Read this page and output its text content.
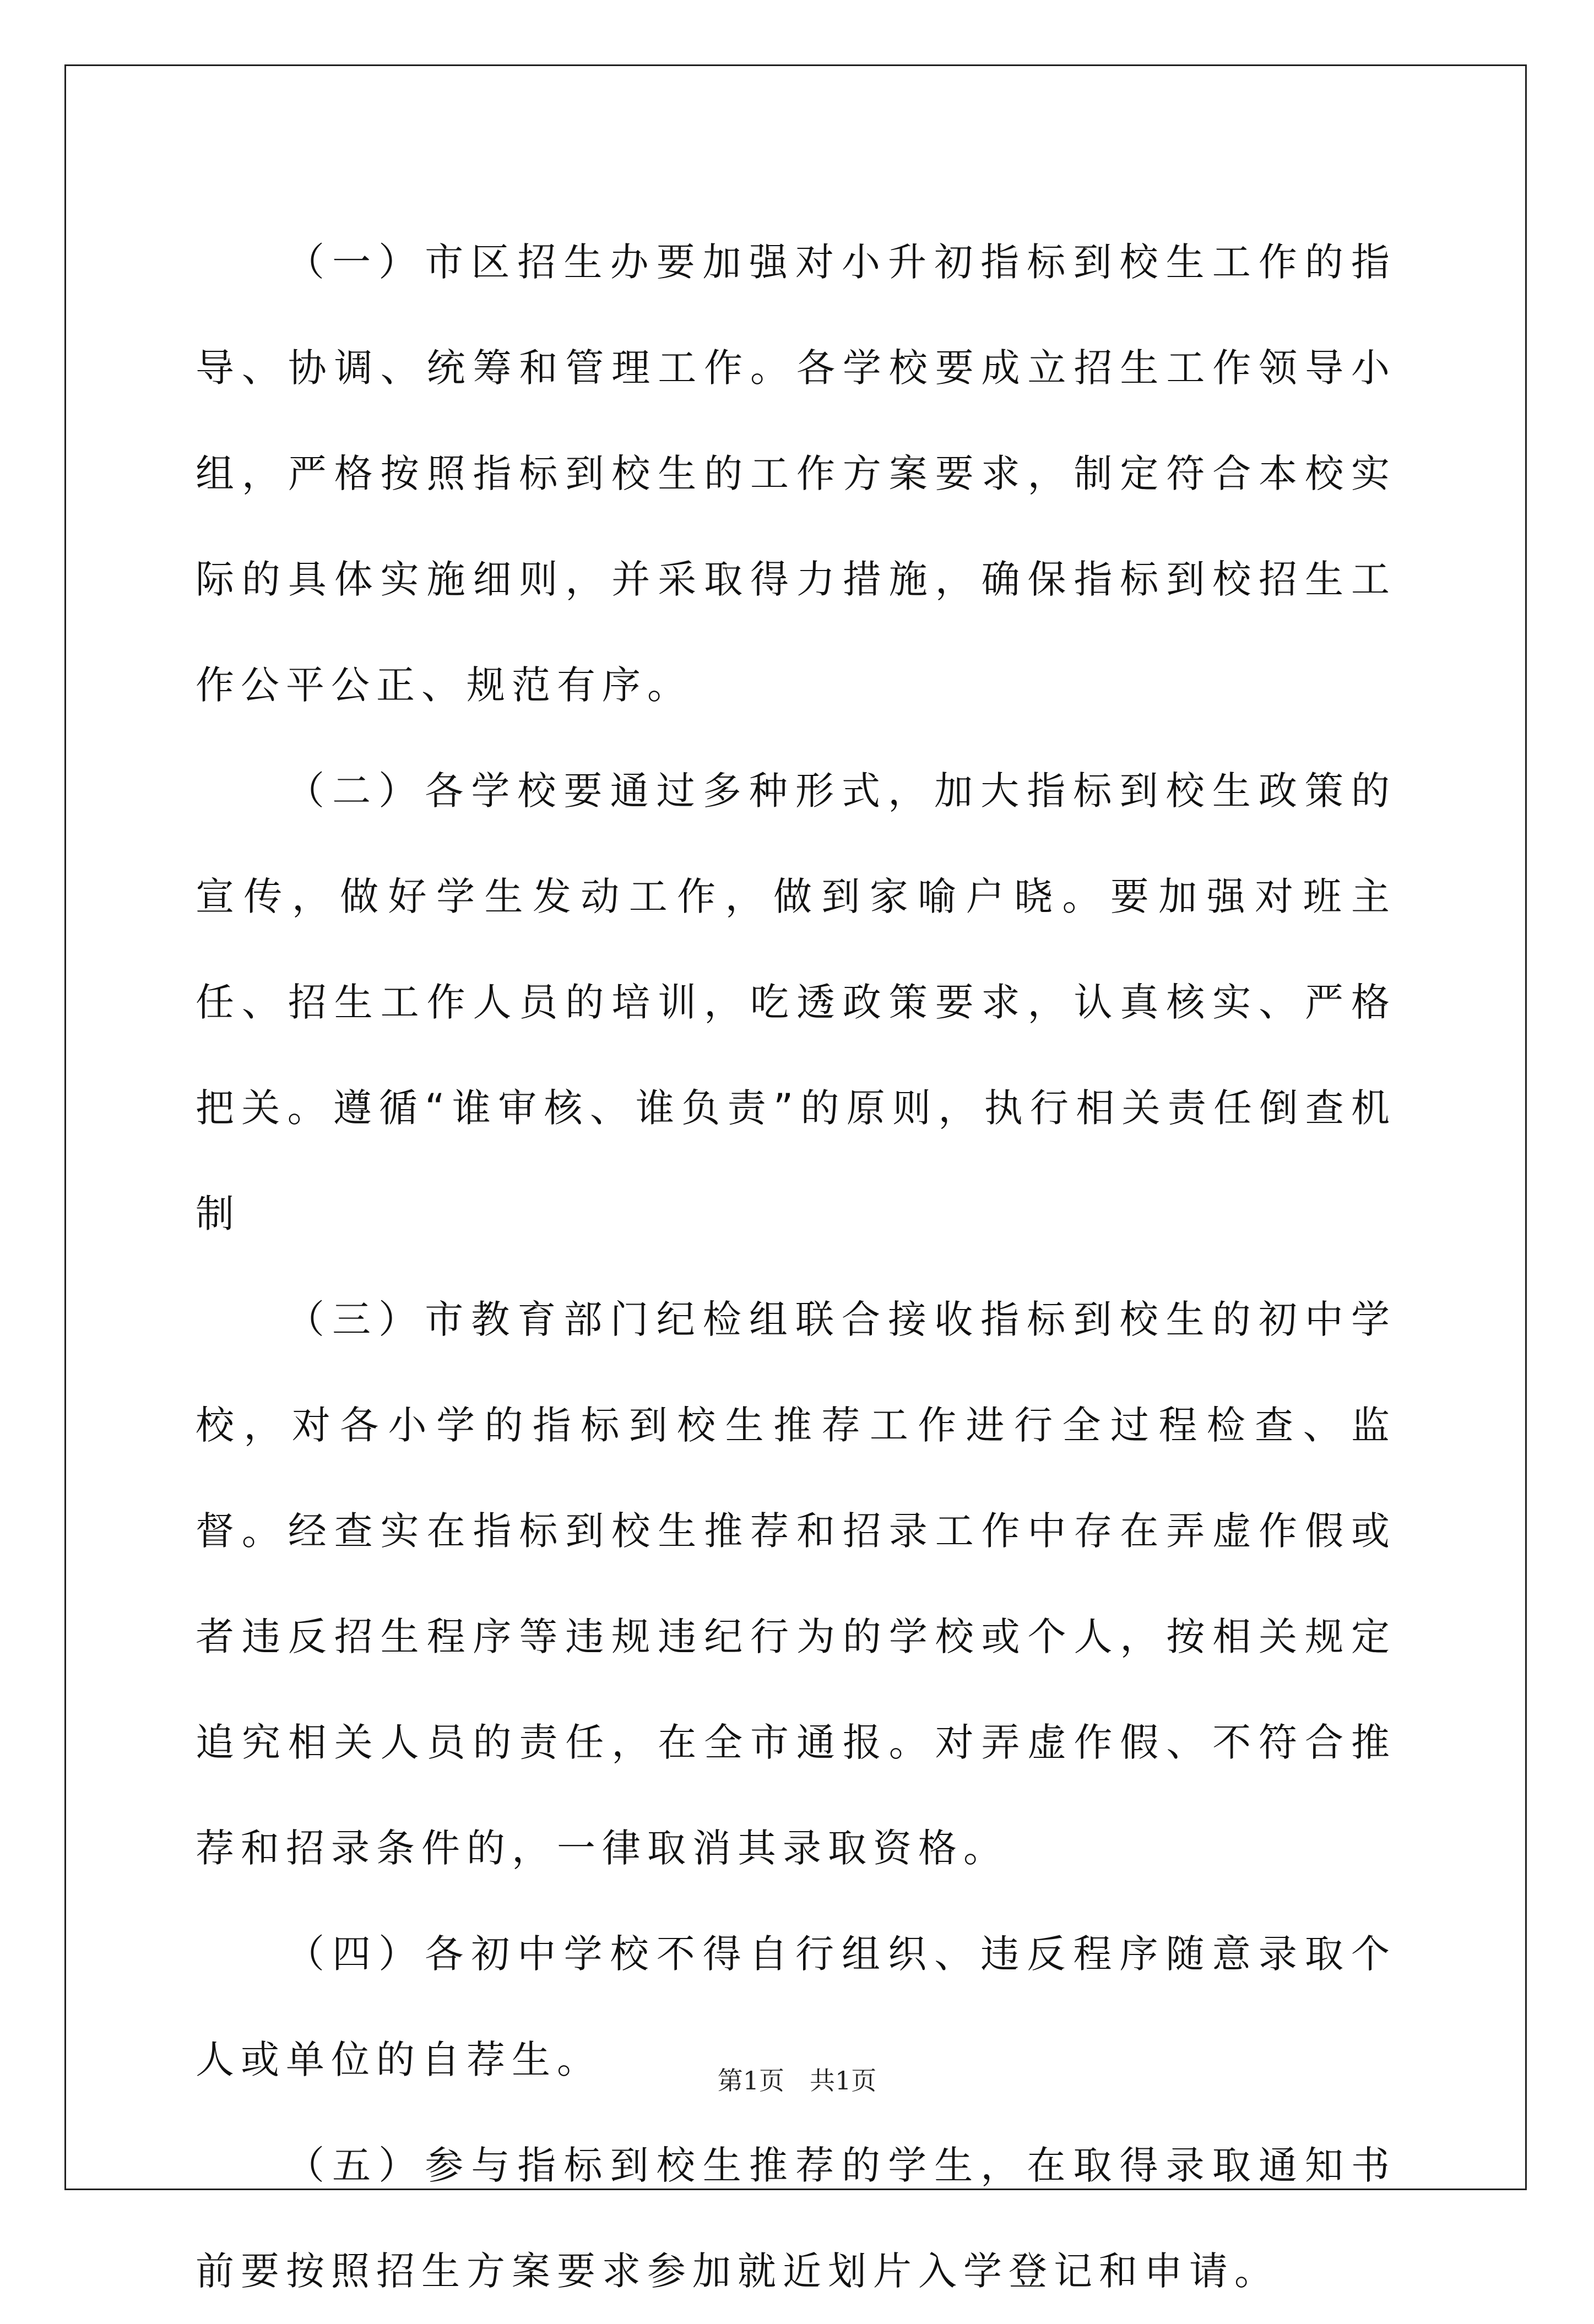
（一）市区招生办要加强对小升初指标到校生工作的指导、协调、统筹和管理工作。各学校要成立招生工作领导小组，严格按照指标到校生的工作方案要求，制定符合本校实际的具体实施细则，并采取得力措施，确保指标到校招生工作公平公正、规范有序。

（二）各学校要通过多种形式，加大指标到校生政策的宣传，做好学生发动工作，做到家喻户晓。要加强对班主任、招生工作人员的培训，吃透政策要求，认真核实、严格把关。遵循“谁审核、谁负责”的原则，执行相关责任倒查机制

（三）市教育部门纪检组联合接收指标到校生的初中学校，对各小学的指标到校生推荐工作进行全过程检查、监督。经查实在指标到校生推荐和招录工作中存在弄虚作假或者违反招生程序等违规违纪行为的学校或个人，按相关规定追究相关人员的责任，在全市通报。对弄虚作假、不符合推荐和招录条件的，一律取消其录取资格。

（四）各初中学校不得自行组织、违反程序随意录取个人或单位的自荐生。

（五）参与指标到校生推荐的学生，在取得录取通知书前要按照招生方案要求参加就近划片入学登记和申请。

第1页　共1页
